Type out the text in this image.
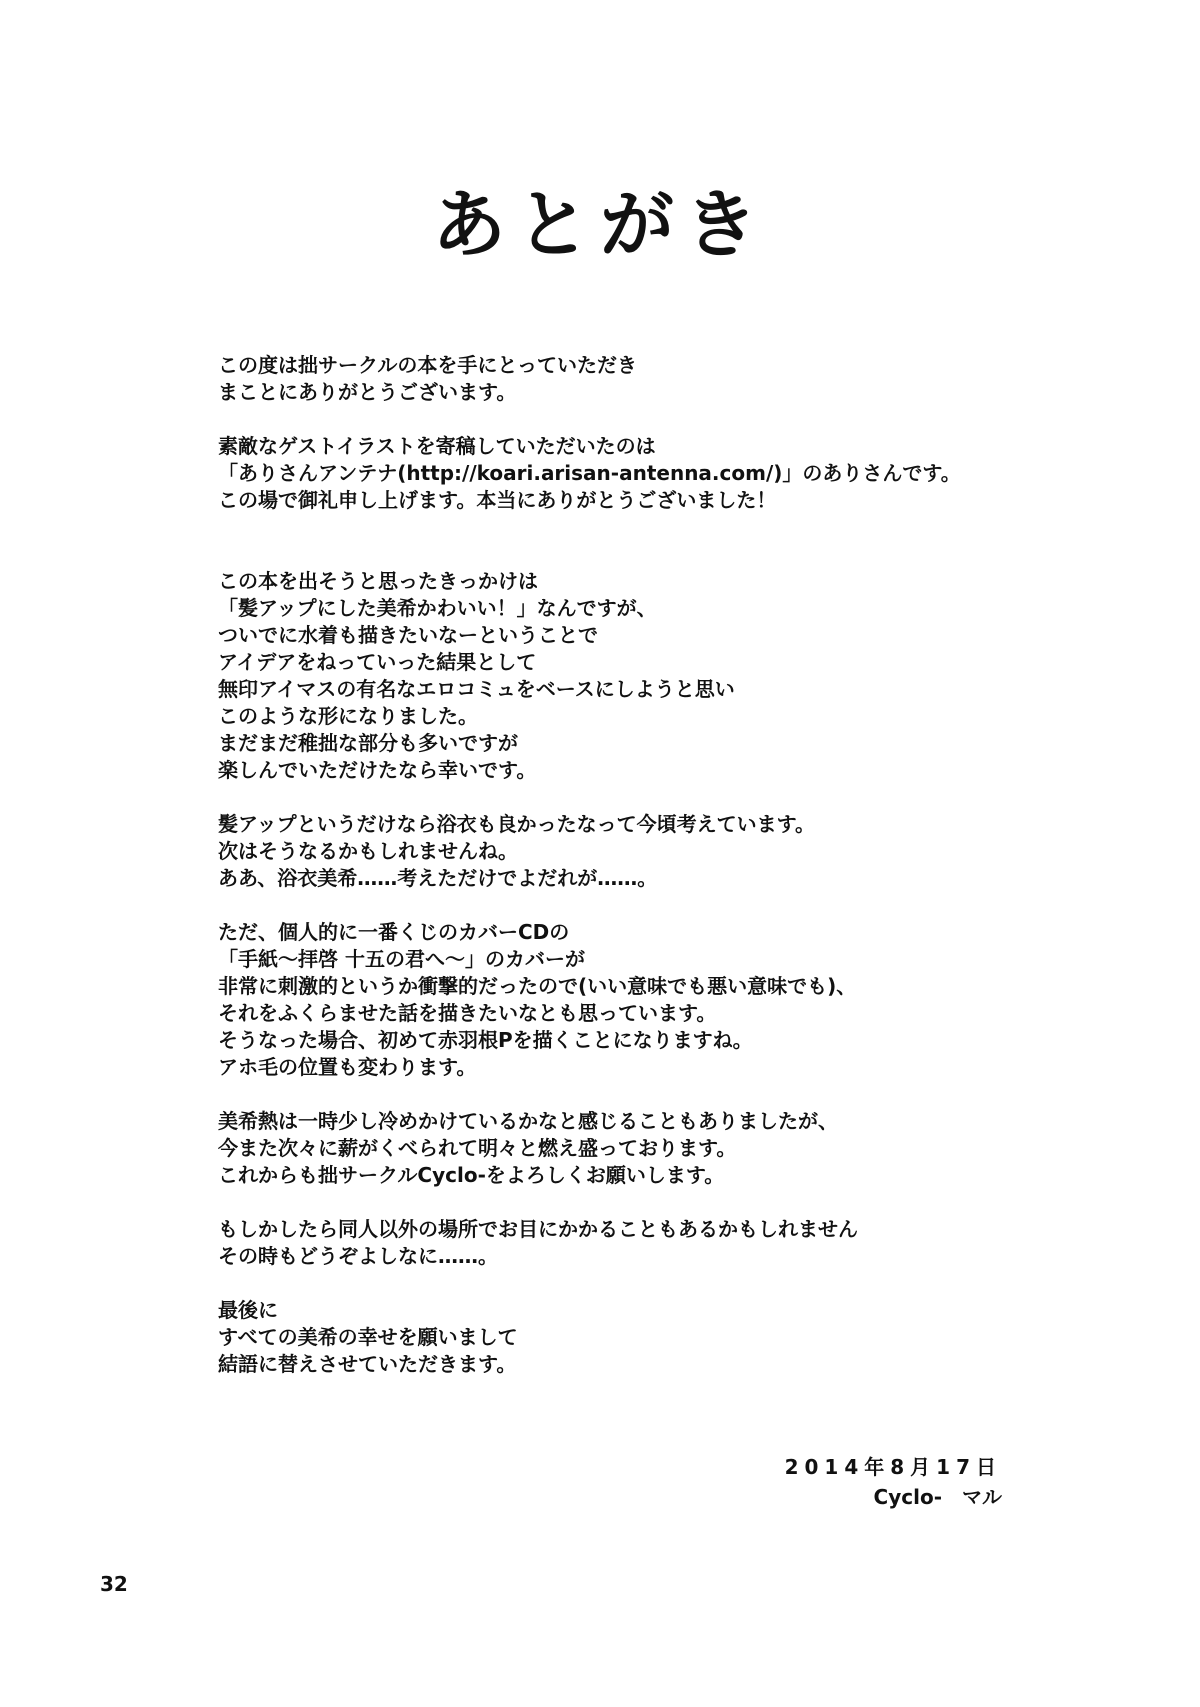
あとがき
この度は拙サークルの本を手にとっていただき
まことにありがとうございます。
素敵なゲストイラストを寄稿していただいたのは
「ありさんアンテナ(http://koari.arisan-antenna.com/)」のありさんです。
この場で御礼申し上げます。本当にありがとうございました！
この本を出そうと思ったきっかけは
「髪アップにした美希かわいい！」なんですが、
ついでに水着も描きたいなーということで
アイデアをねっていった結果として
無印アイマスの有名なエロコミュをベースにしようと思い
このような形になりました。
まだまだ稚拙な部分も多いですが
楽しんでいただけたなら幸いです。
髪アップというだけなら浴衣も良かったなって今頃考えています。
次はそうなるかもしれませんね。
ああ、浴衣美希……考えただけでよだれが……。
ただ、個人的に一番くじのカバーCDの
「手紙～拝啓 十五の君へ～」のカバーが
非常に刺激的というか衝撃的だったので(いい意味でも悪い意味でも)、
それをふくらませた話を描きたいなとも思っています。
そうなった場合、初めて赤羽根Pを描くことになりますね。
アホ毛の位置も変わります。
美希熱は一時少し冷めかけているかなと感じることもありましたが、
今また次々に薪がくべられて明々と燃え盛っております。
これからも拙サークルCyclo-をよろしくお願いします。
もしかしたら同人以外の場所でお目にかかることもあるかもしれません
その時もどうぞよしなに……。
最後に
すべての美希の幸せを願いまして
結語に替えさせていただきます。
2014年8月17日
Cyclo-　マル
32
